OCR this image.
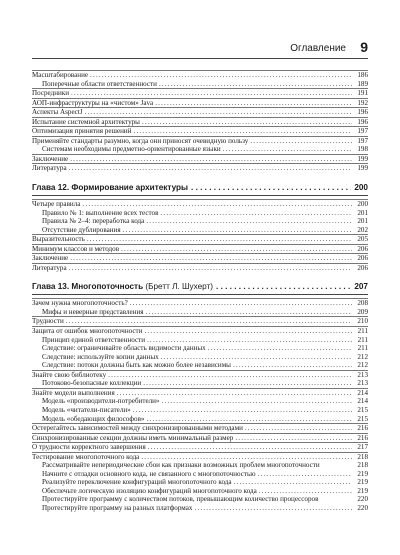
Оглавление 9
Масштабирование . . .	186
Поперечные области ответственности . . .	189
Посредники . . .	191
АОП-инфраструктуры на «чистом» Java . . .	192
Аспекты AspectJ . . .	196
Испытание системной архитектуры . . .	196
Оптимизация принятия решений . . .	197
Применяйте стандарты разумно, когда они приносят очевидную пользу . . .	197
Системам необходимы предметно-ориентированные языки . . .	198
Заключение . . .	199
Литература . . .	199
Глава 12. Формирование архитектуры . . .	200
Четыре правила . . .	200
Правило № 1: выполнение всех тестов . . .	201
Правила № 2–4: переработка кода . . .	201
Отсутствие дублирования . . .	202
Выразительность . . .	205
Минимум классов и методов . . .	206
Заключение . . .	206
Литература . . .	206
Глава 13. Многопоточность (Бретт Л. Шухерт) . . .	207
Зачем нужна многопоточность? . . .	208
Мифы и неверные представления . . .	209
Трудности . . .	210
Защита от ошибок многопоточности . . .	211
Принцип единой ответственности . . .	211
Следствие: ограничивайте область видимости данных . . .	211
Следствие: используйте копии данных . . .	212
Следствие: потоки должны быть как можно более независимы . . .	212
Знайте свою библиотеку . . .	213
Потоково-безопасные коллекции . . .	213
Знайте модели выполнения . . .	214
Модель «производители-потребители» . . .	214
Модель «читатели-писатели» . . .	215
Модель «обедающих философов» . . .	215
Остерегайтесь зависимостей между синхронизированными методами . . .	216
Синхронизированные секции должны иметь минимальный размер . . .	216
О трудности корректного завершения . . .	217
Тестирование многопоточного кода . . .	218
Рассматривайте непериодические сбои как признаки возможных проблем многопоточности	218
Начните с отладки основного кода, не связанного с многопоточностью . . .	219
Реализуйте переключение конфигураций многопоточного кода . . .	219
Обеспечьте логическую изоляцию конфигураций многопоточного кода . . .	219
Протестируйте программу с количеством потоков, превышающим количество процессоров	220
Протестируйте программу на разных платформах . . .	220
